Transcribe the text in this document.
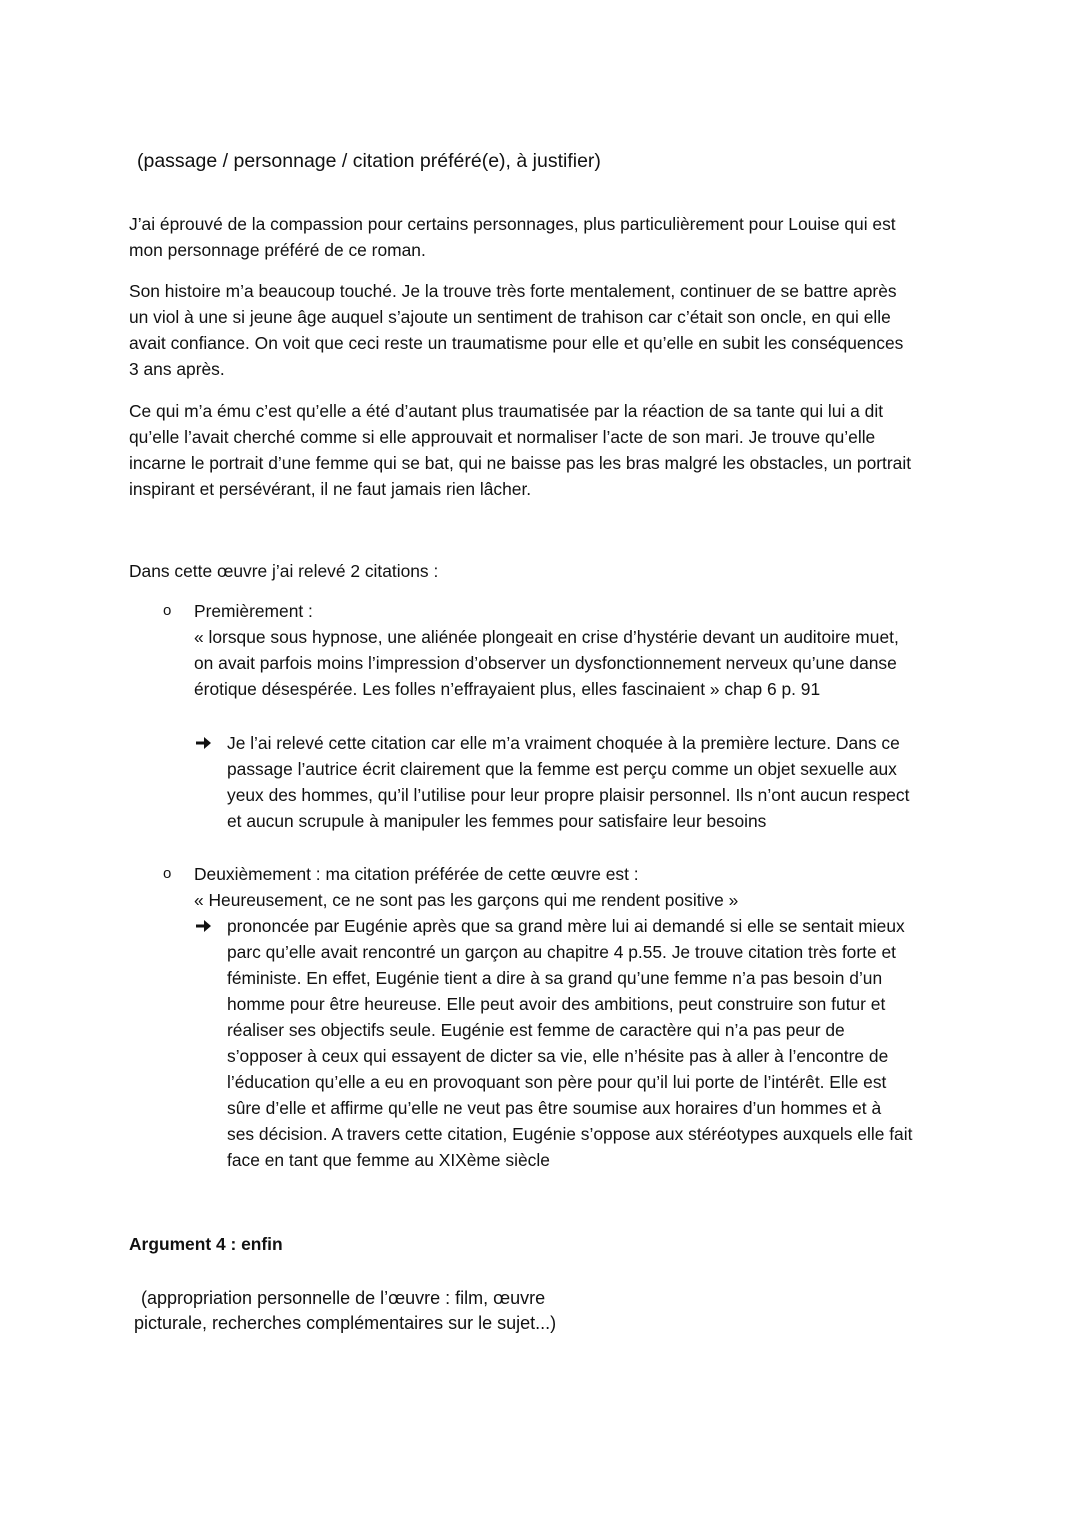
(passage / personnage / citation préféré(e), à justifier)
J’ai éprouvé de la compassion pour certains personnages, plus particulièrement pour Louise qui est
mon personnage préféré de ce roman.
Son histoire m’a beaucoup touché. Je la trouve très forte mentalement, continuer de se battre après
un viol à une si jeune âge auquel s’ajoute un sentiment de trahison car c’était son oncle, en qui elle
avait confiance. On voit que ceci reste un traumatisme pour elle et qu’elle en subit les conséquences
3 ans après.
Ce qui m’a ému c’est qu’elle a été d’autant plus traumatisée par la réaction de sa tante qui lui a dit
qu’elle l’avait cherché comme si elle approuvait et normaliser l’acte de son mari. Je trouve qu’elle
incarne le portrait d’une femme qui se bat, qui ne baisse pas les bras malgré les obstacles, un portrait
inspirant et persévérant, il ne faut jamais rien lâcher.
Dans cette œuvre j’ai relevé 2 citations :
o Premièrement :
« lorsque sous hypnose, une aliénée plongeait en crise d’hystérie devant un auditoire muet,
on avait parfois moins l’impression d’observer un dysfonctionnement nerveux qu’une danse
érotique désespérée. Les folles n’effrayaient plus, elles fascinaient » chap 6 p. 91
Je l’ai relevé cette citation car elle m’a vraiment choquée à la première lecture. Dans ce
passage l’autrice écrit clairement que la femme est perçu comme un objet sexuelle aux
yeux des hommes, qu’il l’utilise pour leur propre plaisir personnel. Ils n’ont aucun respect
et aucun scrupule à manipuler les femmes pour satisfaire leur besoins
o Deuxièmement : ma citation préférée de cette œuvre est :
« Heureusement, ce ne sont pas les garçons qui me rendent positive »
prononcée par Eugénie après que sa grand mère lui ai demandé si elle se sentait mieux
parc qu’elle avait rencontré un garçon au chapitre 4 p.55. Je trouve citation très forte et
féministe. En effet, Eugénie tient a dire à sa grand qu’une femme n’a pas besoin d’un
homme pour être heureuse. Elle peut avoir des ambitions, peut construire son futur et
réaliser ses objectifs seule. Eugénie est femme de caractère qui n’a pas peur de
s’opposer à ceux qui essayent de dicter sa vie, elle n’hésite pas à aller à l’encontre de
l’éducation qu’elle a eu en provoquant son père pour qu’il lui porte de l’intérêt. Elle est
sûre d’elle et affirme qu’elle ne veut pas être soumise aux horaires d’un hommes et à
ses décision. A travers cette citation, Eugénie s’oppose aux stéréotypes auxquels elle fait
face en tant que femme au XIXème siècle
Argument 4 : enfin
(appropriation personnelle de l’œuvre : film, œuvre
picturale, recherches complémentaires sur le sujet...)
